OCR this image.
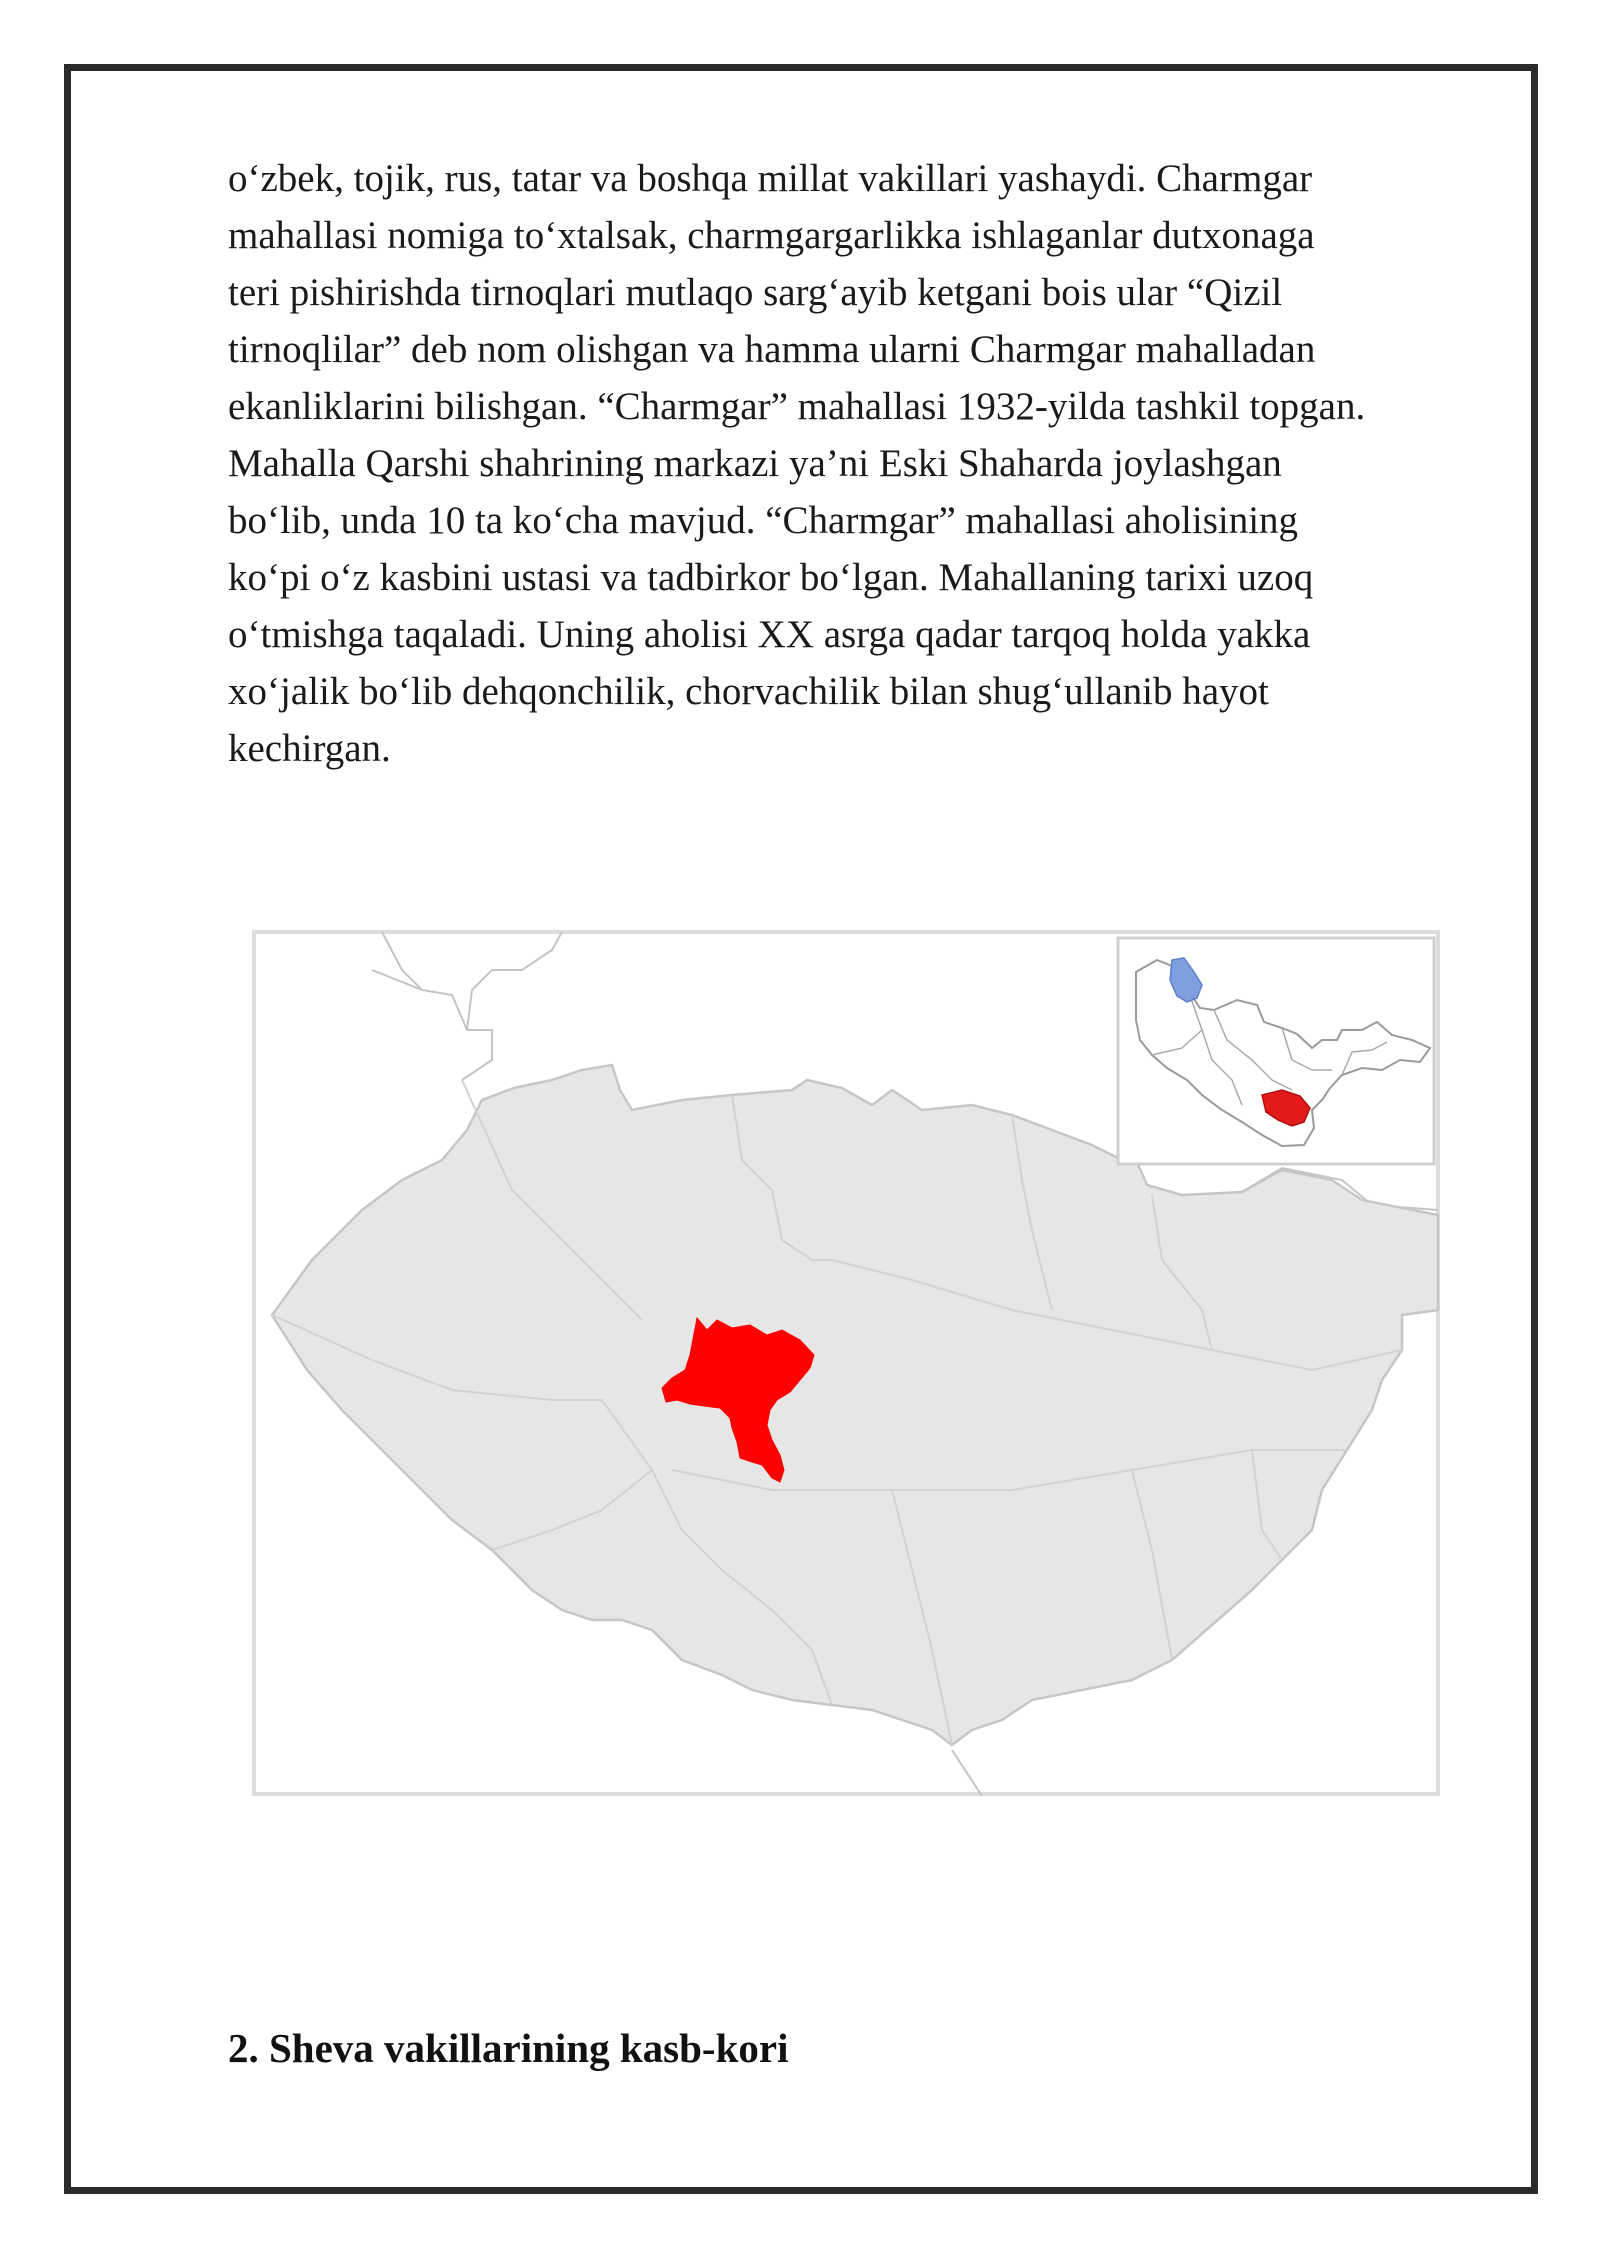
o‘zbek, tojik, rus, tatar va boshqa millat vakillari yashaydi. Charmgar
mahallasi nomiga to‘xtalsak, charmgargarlikka ishlaganlar dutxonaga
teri pishirishda tirnoqlari mutlaqo sarg‘ayib ketgani bois ular “Qizil
tirnoqlilar” deb nom olishgan va hamma ularni Charmgar mahalladan
ekanliklarini bilishgan. “Charmgar” mahallasi 1932-yilda tashkil topgan.
Mahalla Qarshi shahrining markazi ya’ni Eski Shaharda joylashgan
bo‘lib, unda 10 ta ko‘cha mavjud. “Charmgar” mahallasi aholisining
ko‘pi o‘z kasbini ustasi va tadbirkor bo‘lgan. Mahallaning tarixi uzoq
o‘tmishga taqaladi. Uning aholisi XX asrga qadar tarqoq holda yakka
xo‘jalik bo‘lib dehqonchilik, chorvachilik bilan shug‘ullanib hayot
kechirgan.

2. Sheva vakillarining kasb-kori
